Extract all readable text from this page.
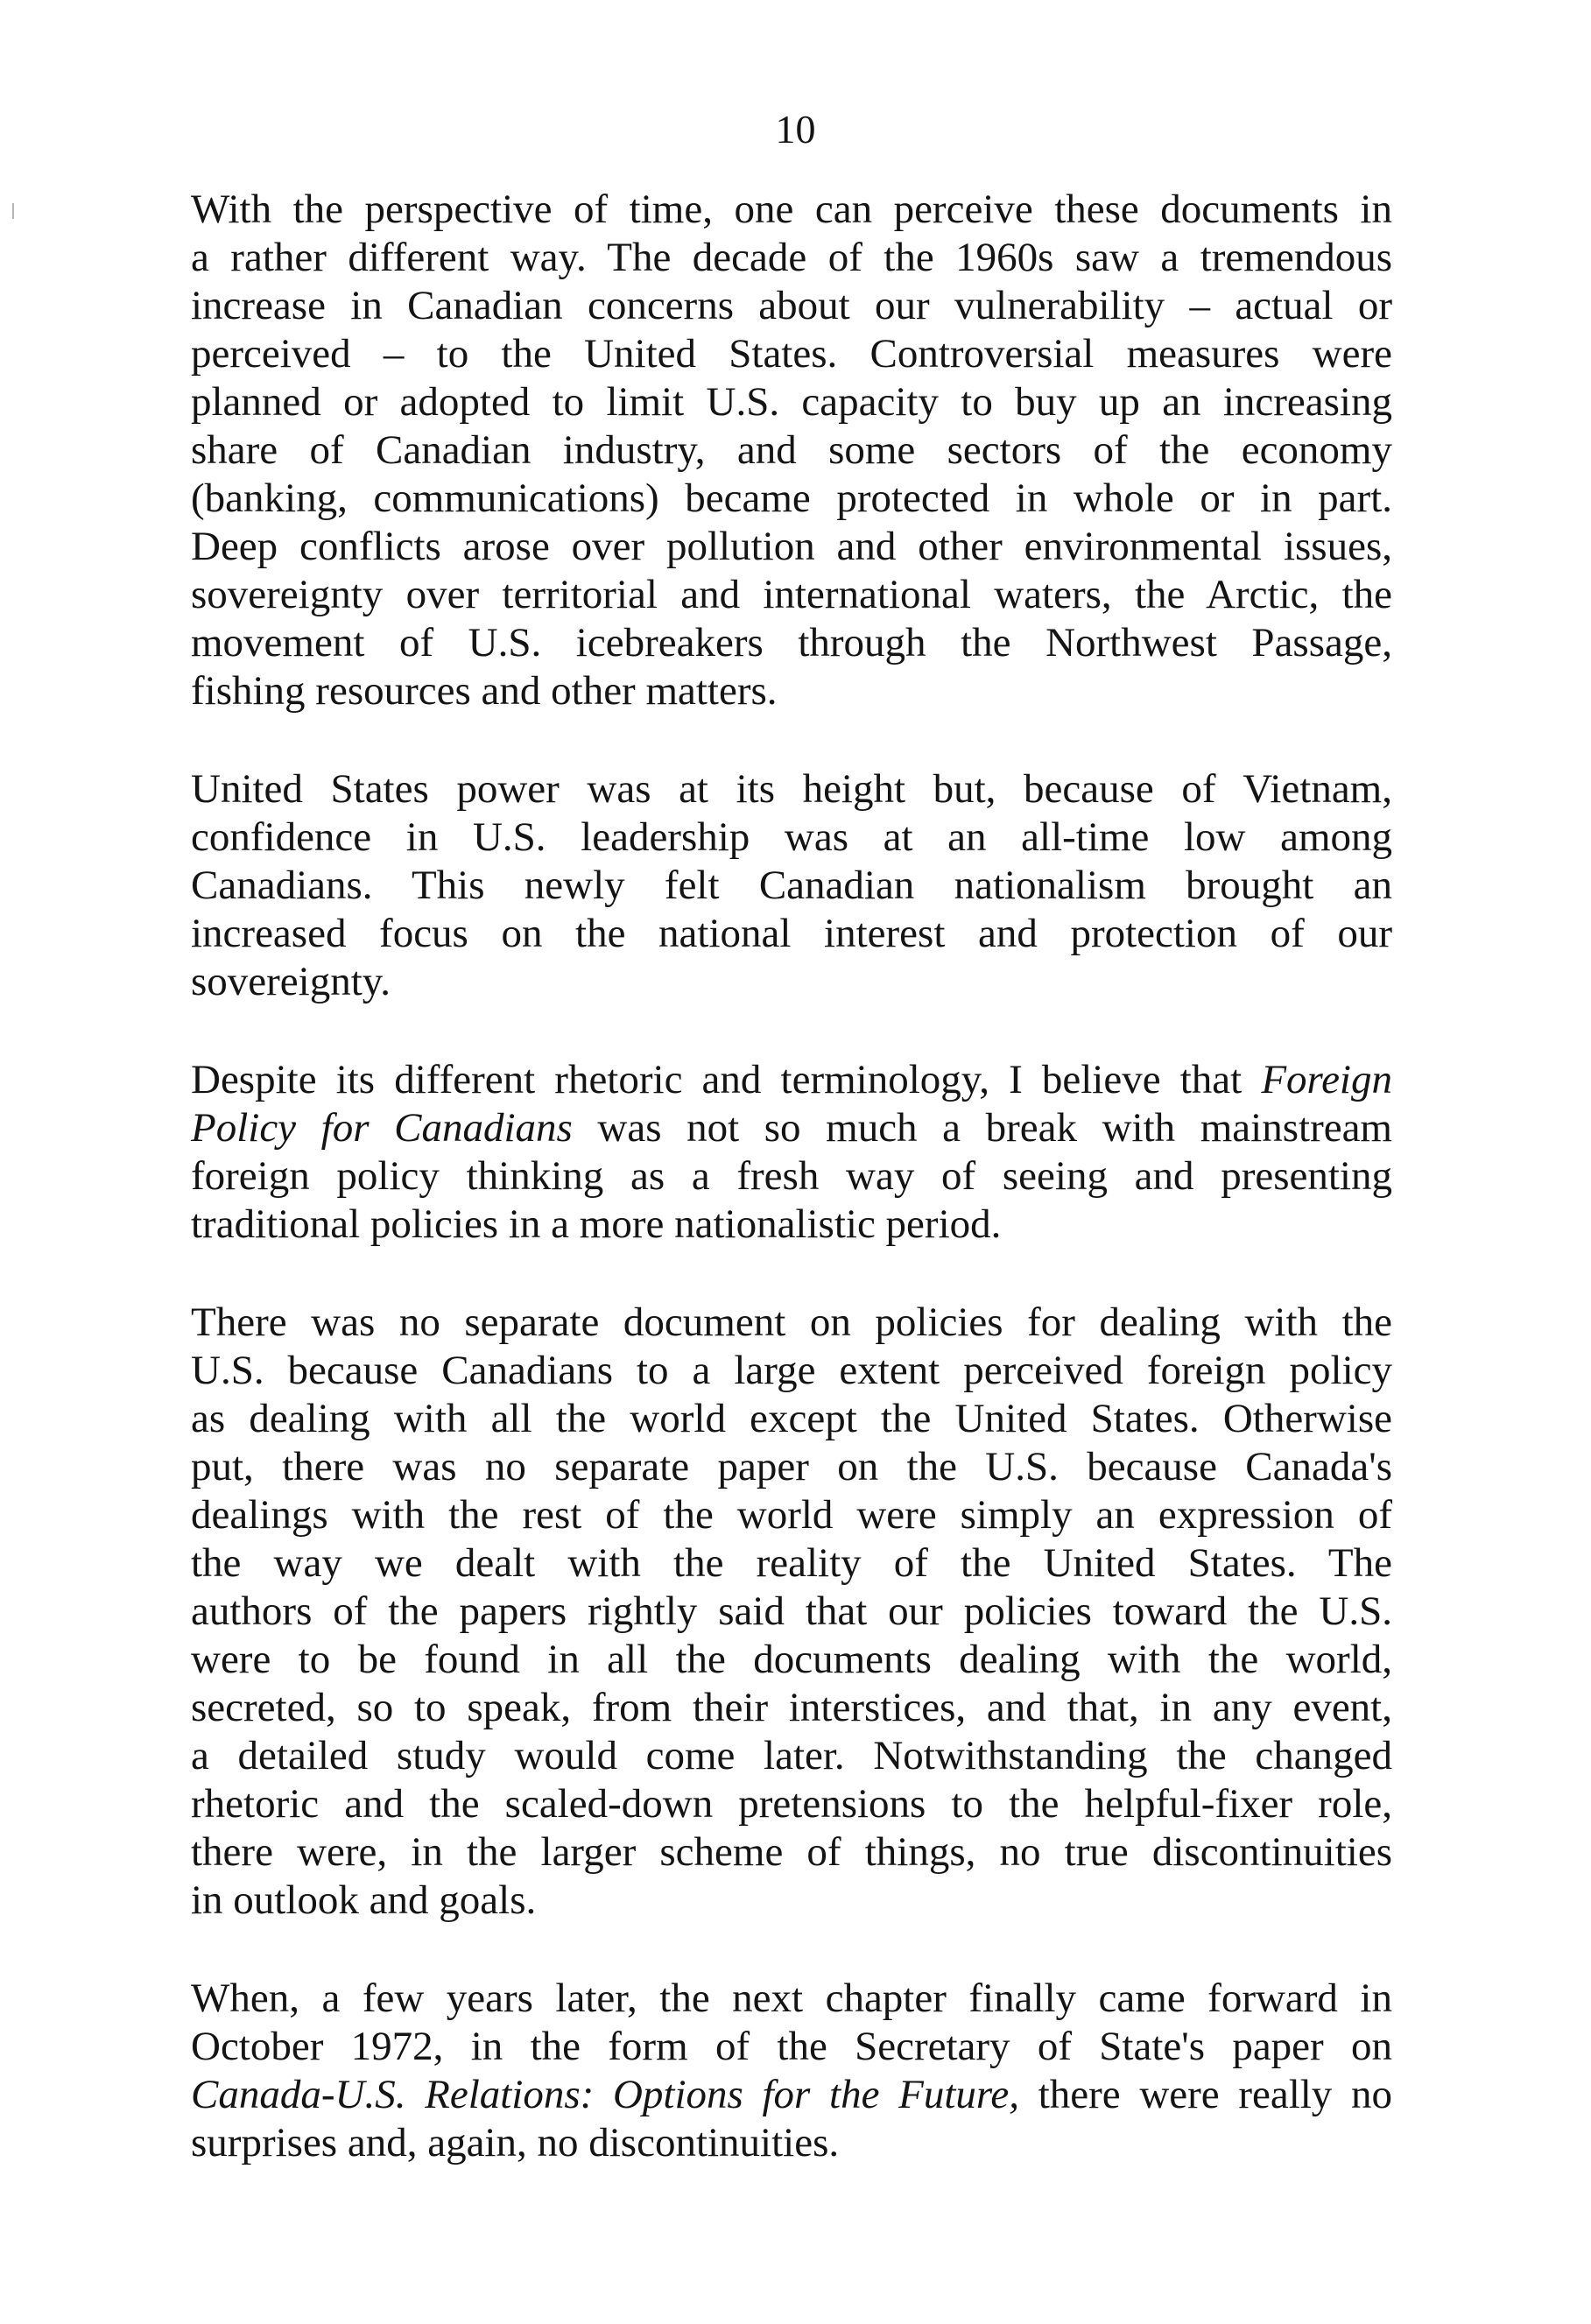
10

With the perspective of time, one can perceive these documents in
a rather different way. The decade of the 1960s saw a tremendous
increase in Canadian concerns about our vulnerability – actual or
perceived – to the United States. Controversial measures were
planned or adopted to limit U.S. capacity to buy up an increasing
share of Canadian industry, and some sectors of the economy
(banking, communications) became protected in whole or in part.
Deep conflicts arose over pollution and other environmental issues,
sovereignty over territorial and international waters, the Arctic, the
movement of U.S. icebreakers through the Northwest Passage,
fishing resources and other matters.

United States power was at its height but, because of Vietnam,
confidence in U.S. leadership was at an all-time low among
Canadians. This newly felt Canadian nationalism brought an
increased focus on the national interest and protection of our
sovereignty.

Despite its different rhetoric and terminology, I believe that Foreign
Policy for Canadians was not so much a break with mainstream
foreign policy thinking as a fresh way of seeing and presenting
traditional policies in a more nationalistic period.

There was no separate document on policies for dealing with the
U.S. because Canadians to a large extent perceived foreign policy
as dealing with all the world except the United States. Otherwise
put, there was no separate paper on the U.S. because Canada's
dealings with the rest of the world were simply an expression of
the way we dealt with the reality of the United States. The
authors of the papers rightly said that our policies toward the U.S.
were to be found in all the documents dealing with the world,
secreted, so to speak, from their interstices, and that, in any event,
a detailed study would come later. Notwithstanding the changed
rhetoric and the scaled-down pretensions to the helpful-fixer role,
there were, in the larger scheme of things, no true discontinuities
in outlook and goals.

When, a few years later, the next chapter finally came forward in
October 1972, in the form of the Secretary of State's paper on
Canada-U.S. Relations: Options for the Future, there were really no
surprises and, again, no discontinuities.
